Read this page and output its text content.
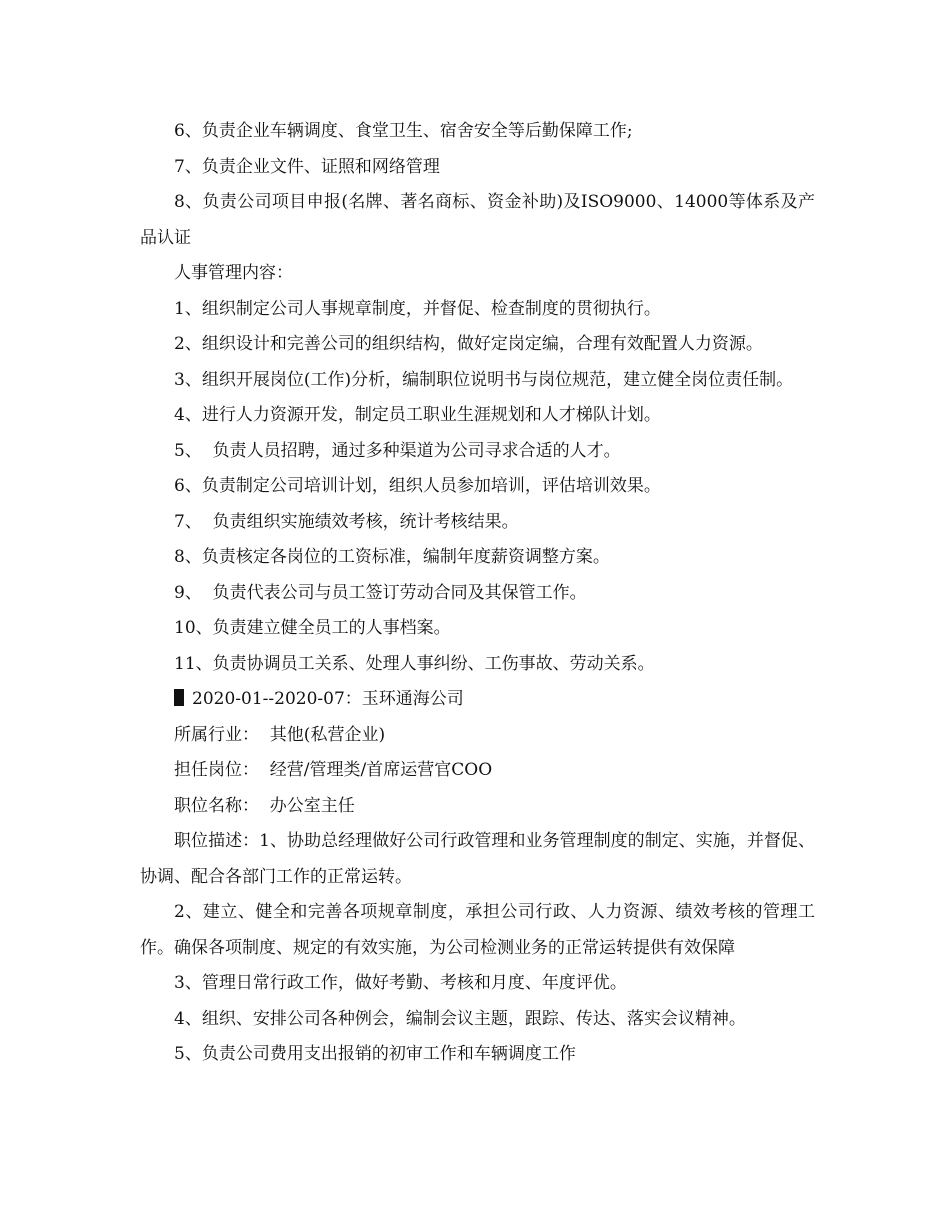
6、负责企业车辆调度、食堂卫生、宿舍安全等后勤保障工作;

7、负责企业文件、证照和网络管理

8、负责公司项目申报(名牌、著名商标、资金补助)及ISO9000、14000等体系及产品认证

人事管理内容：

1、组织制定公司人事规章制度，并督促、检查制度的贯彻执行。

2、组织设计和完善公司的组织结构，做好定岗定编，合理有效配置人力资源。

3、组织开展岗位(工作)分析，编制职位说明书与岗位规范，建立健全岗位责任制。

4、进行人力资源开发，制定员工职业生涯规划和人才梯队计划。

5、  负责人员招聘，通过多种渠道为公司寻求合适的人才。

6、负责制定公司培训计划，组织人员参加培训，评估培训效果。

7、  负责组织实施绩效考核，统计考核结果。

8、负责核定各岗位的工资标准，编制年度薪资调整方案。

9、  负责代表公司与员工签订劳动合同及其保管工作。

10、负责建立健全员工的人事档案。

11、负责协调员工关系、处理人事纠纷、工伤事故、劳动关系。

2020-01--2020-07：玉环通海公司

所属行业：  其他(私营企业)

担任岗位：  经营/管理类/首席运营官COO

职位名称：  办公室主任

职位描述：1、协助总经理做好公司行政管理和业务管理制度的制定、实施，并督促、协调、配合各部门工作的正常运转。

2、建立、健全和完善各项规章制度，承担公司行政、人力资源、绩效考核的管理工作。确保各项制度、规定的有效实施，为公司检测业务的正常运转提供有效保障

3、管理日常行政工作，做好考勤、考核和月度、年度评优。

4、组织、安排公司各种例会，编制会议主题，跟踪、传达、落实会议精神。

5、负责公司费用支出报销的初审工作和车辆调度工作
